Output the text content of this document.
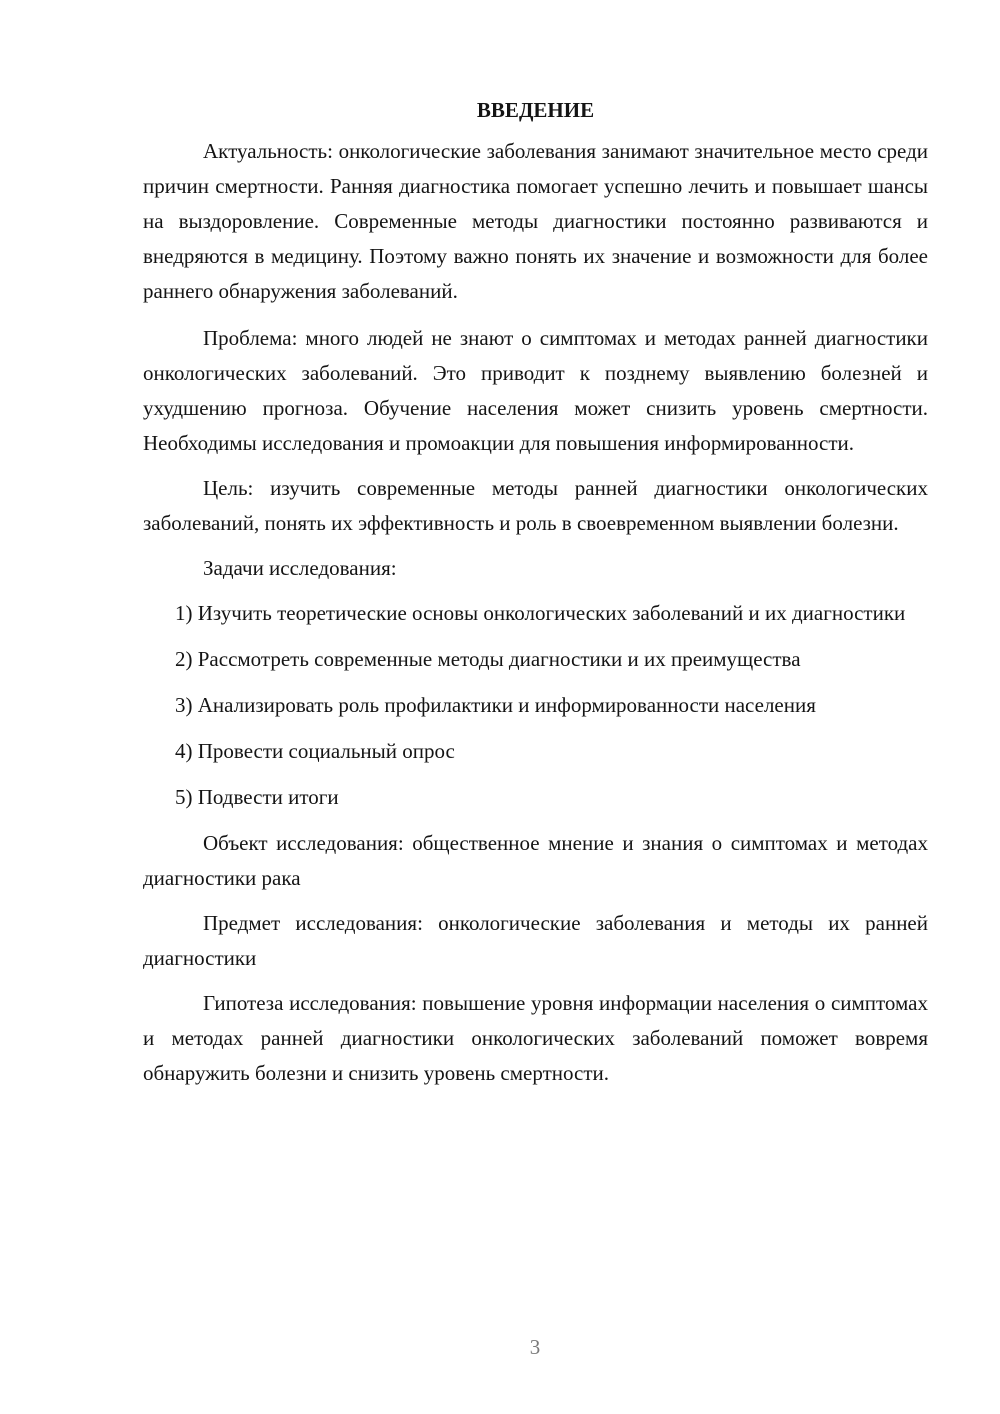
ВВЕДЕНИЕ

Актуальность: онкологические заболевания занимают значительное место среди причин смертности. Ранняя диагностика помогает успешно лечить и повышает шансы на выздоровление. Современные методы диагностики постоянно развиваются и внедряются в медицину. Поэтому важно понять их значение и возможности для более раннего обнаружения заболеваний.

Проблема: много людей не знают о симптомах и методах ранней диагностики онкологических заболеваний. Это приводит к позднему выявлению болезней и ухудшению прогноза. Обучение населения может снизить уровень смертности. Необходимы исследования и промоакции для повышения информированности.

Цель: изучить современные методы ранней диагностики онкологических заболеваний, понять их эффективность и роль в своевременном выявлении болезни.

Задачи исследования:

1) Изучить теоретические основы онкологических заболеваний и их диагностики

2) Рассмотреть современные методы диагностики и их преимущества

3) Анализировать роль профилактики и информированности населения

4) Провести социальный опрос

5) Подвести итоги

Объект исследования: общественное мнение и знания о симптомах и методах диагностики рака

Предмет исследования: онкологические заболевания и методы их ранней диагностики

Гипотеза исследования: повышение уровня информации населения о симптомах и методах ранней диагностики онкологических заболеваний поможет вовремя обнаружить болезни и снизить уровень смертности.

3
